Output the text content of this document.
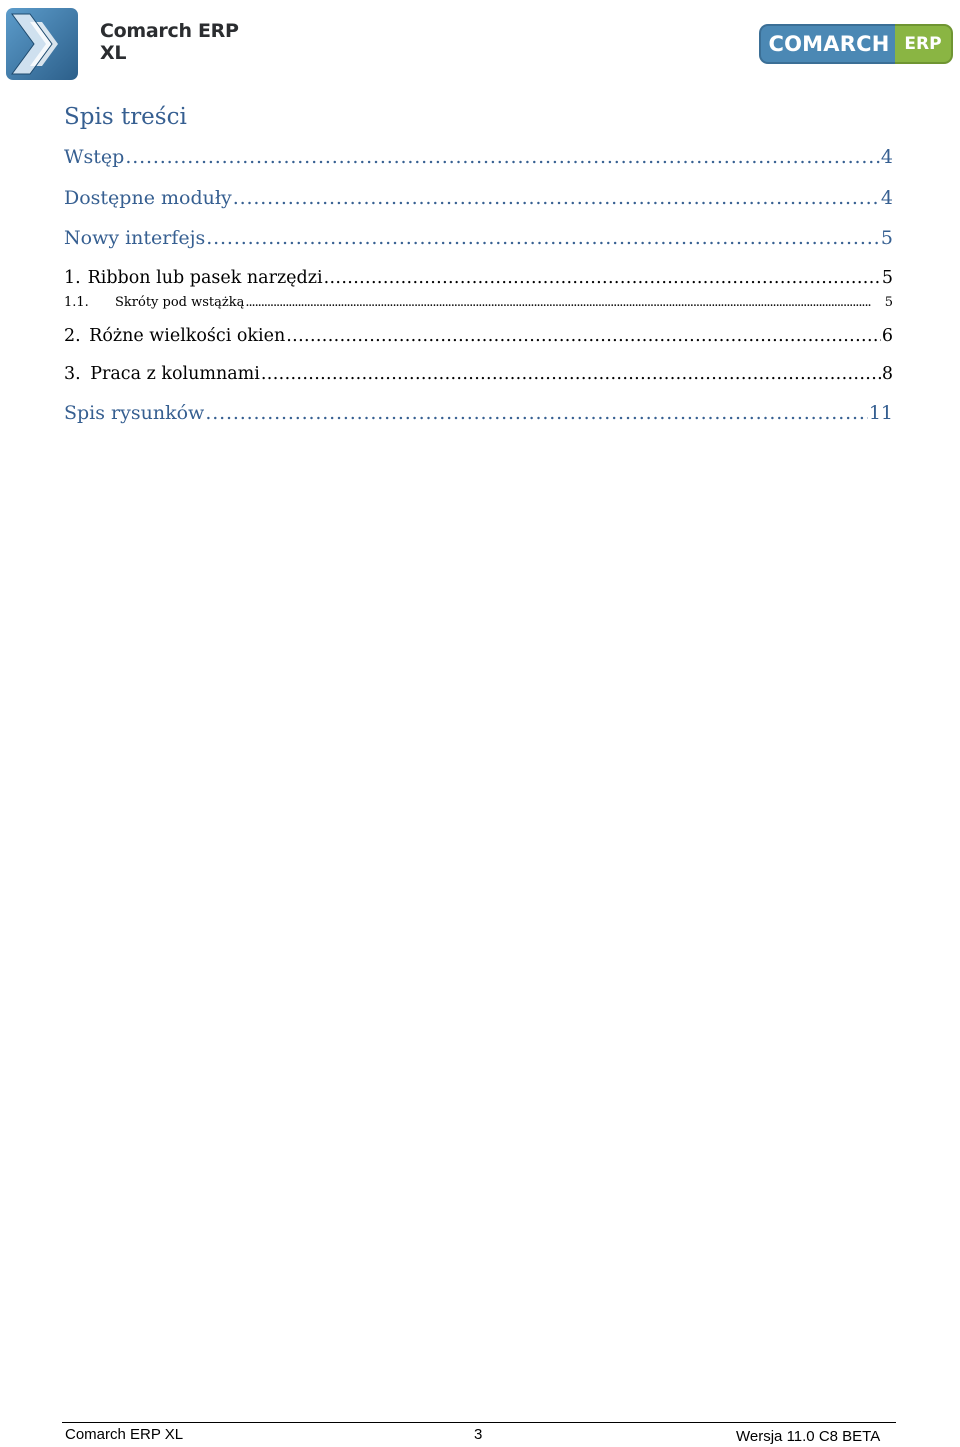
Comarch ERP
XL	COMARCH ERP
Spis treści
Wstęp . . .	4
Dostępne moduły . . .	4
Nowy interfejs . . .	5
1. Ribbon lub pasek narzędzi . . .	5
1.1.	Skróty pod wstążką . . .	5
2. Różne wielkości okien . . .	6
3. Praca z kolumnami . . .	8
Spis rysunków . . .	11
Comarch ERP XL	3	Wersja 11.0 C8 BETA
